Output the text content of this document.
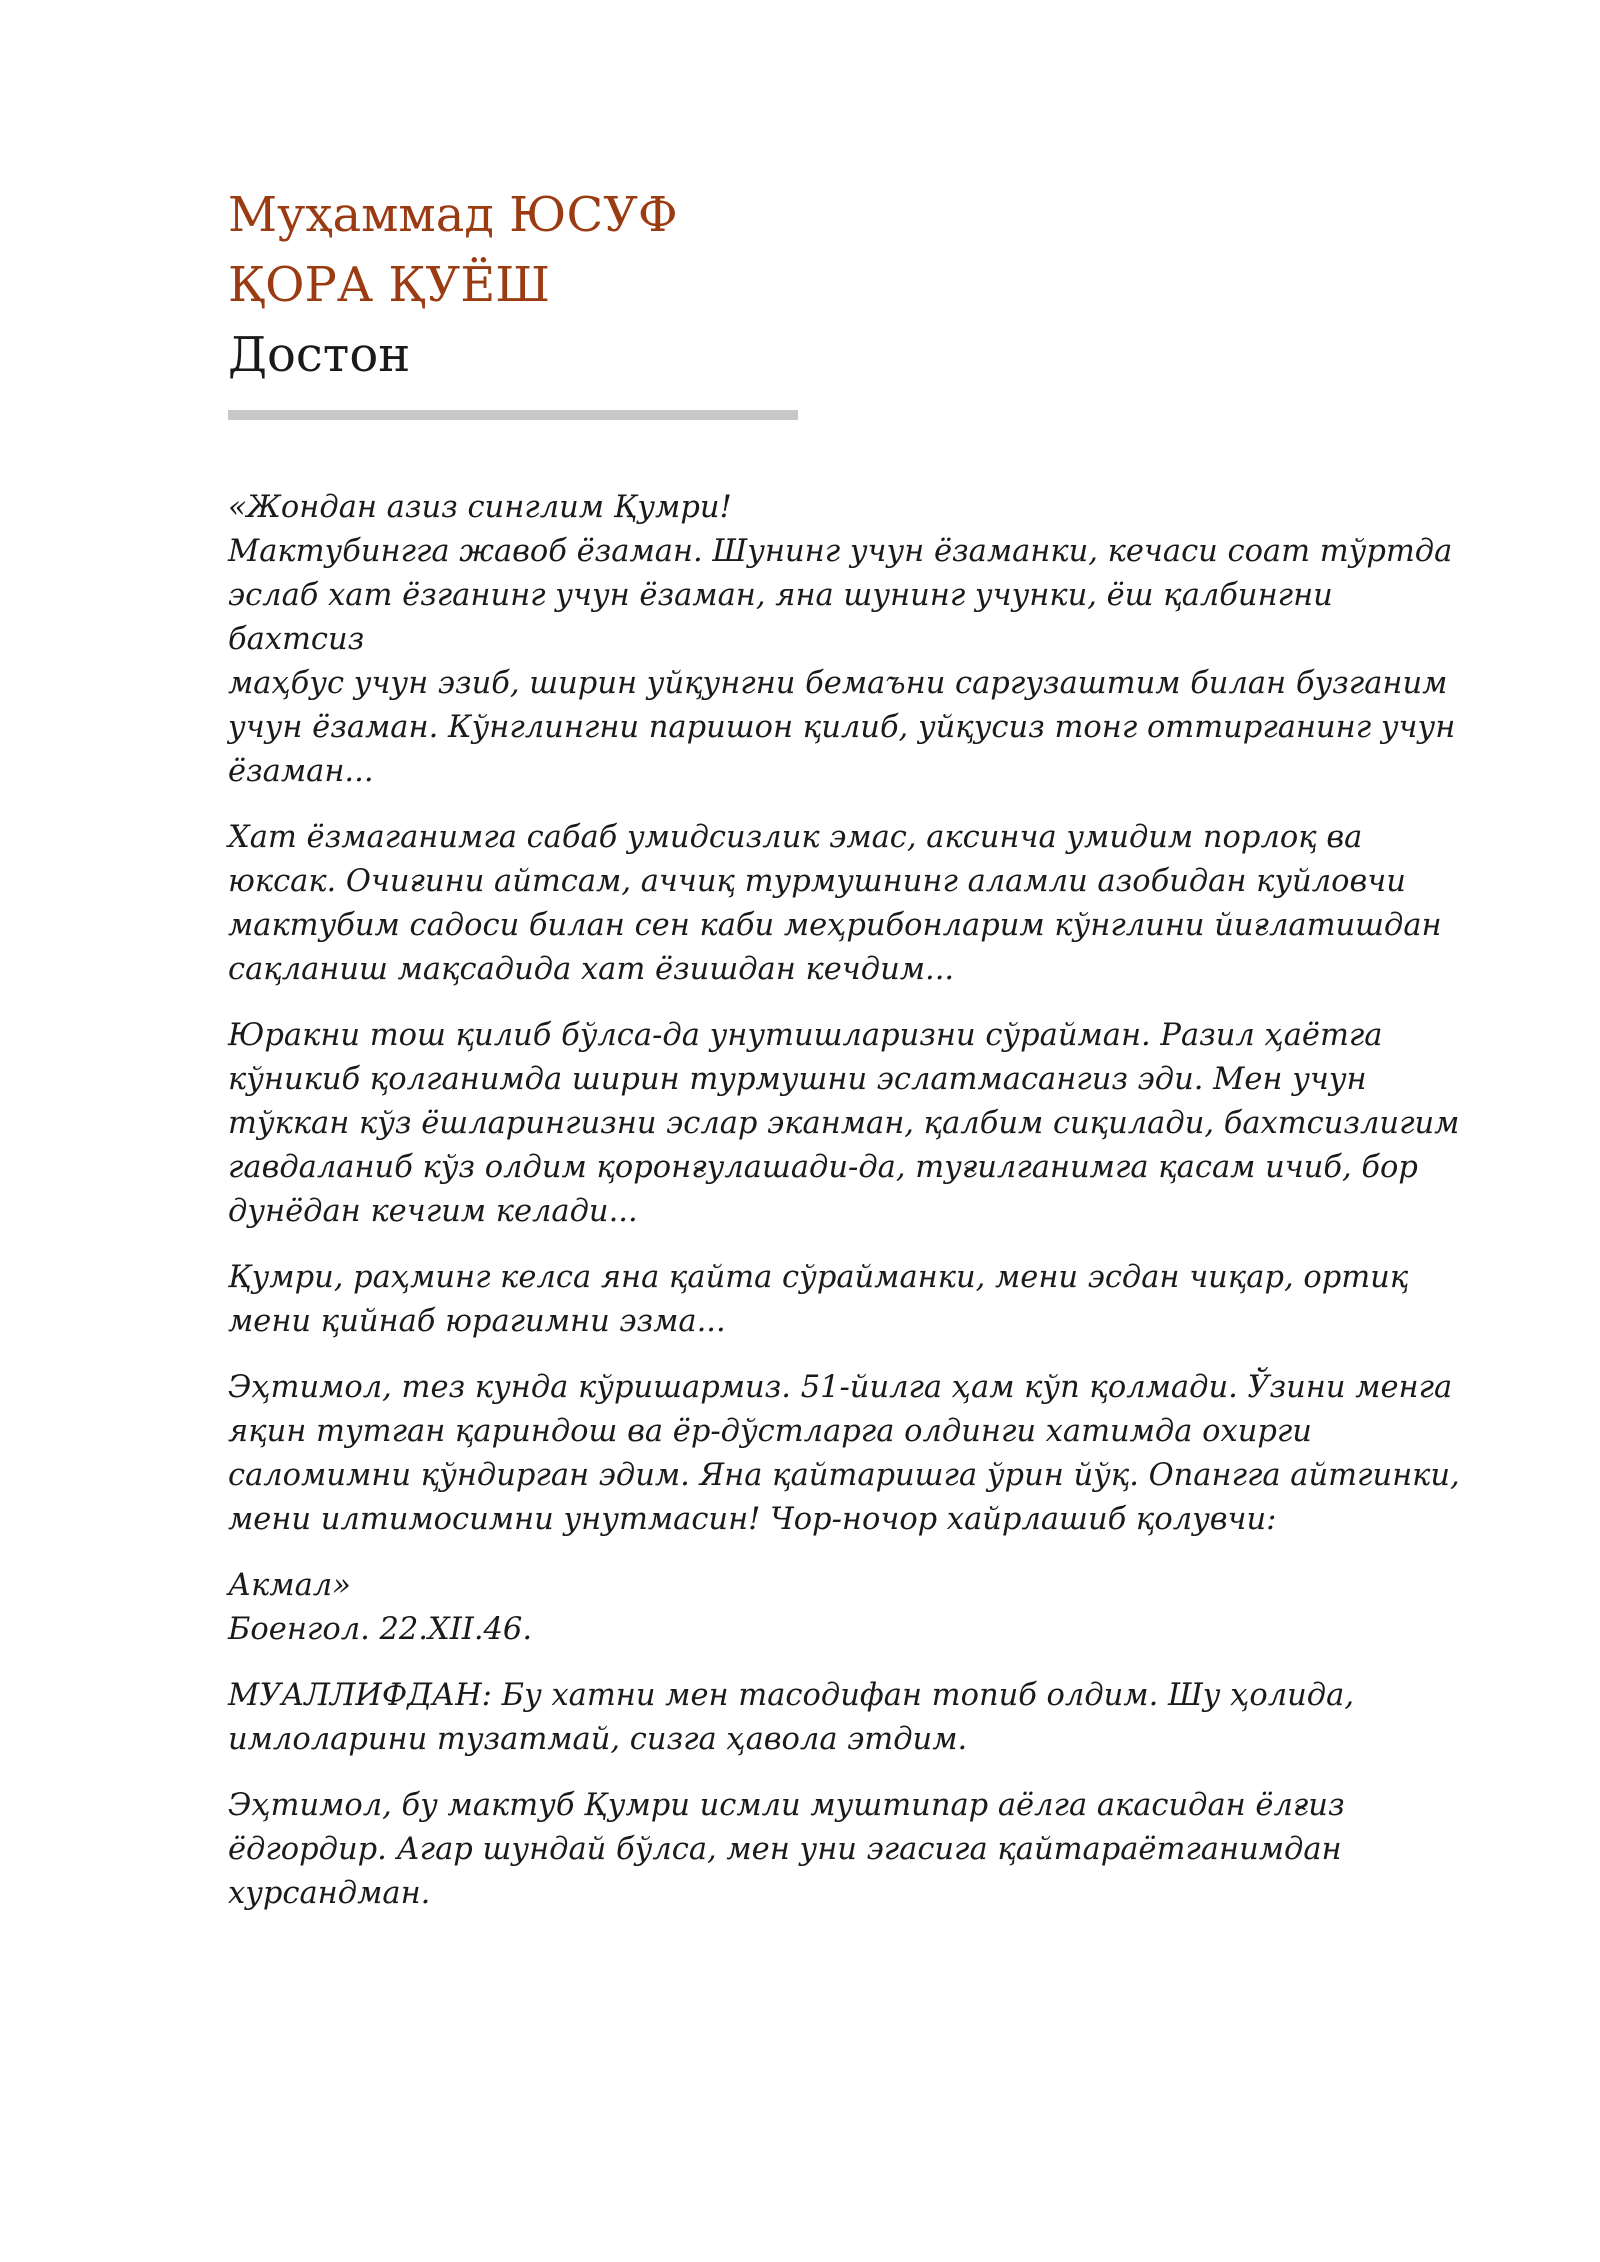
Муҳаммад ЮСУФ
ҚОРА ҚУЁШ
Достон

«Жондан азиз синглим Қумри!
Мактубингга жавоб ёзаман. Шунинг учун ёзаманки, кечаси соат тўртда
эслаб хат ёзганинг учун ёзаман, яна шунинг учунки, ёш қалбингни бахтсиз
маҳбус учун эзиб, ширин уйқунгни бемаъни саргузаштим билан бузганим
учун ёзаман. Кўнглингни паришон қилиб, уйқусиз тонг оттирганинг учун
ёзаман...

Хат ёзмаганимга сабаб умидсизлик эмас, аксинча умидим порлоқ ва
юксак. Очиғини айтсам, аччиқ турмушнинг аламли азобидан куйловчи
мактубим садоси билан сен каби меҳрибонларим кўнглини йиғлатишдан
сақланиш мақсадида хат ёзишдан кечдим...

Юракни тош қилиб бўлса-да унутишларизни сўрайман. Разил ҳаётга
кўникиб қолганимда ширин турмушни эслатмасангиз эди. Мен учун
тўккан кўз ёшларингизни эслар эканман, қалбим сиқилади, бахтсизлигим
гавдаланиб кўз олдим қоронғулашади-да, туғилганимга қасам ичиб, бор
дунёдан кечгим келади...

Қумри, раҳминг келса яна қайта сўрайманки, мени эсдан чиқар, ортиқ
мени қийнаб юрагимни эзма...

Эҳтимол, тез кунда кўришармиз. 51-йилга ҳам кўп қолмади. Ўзини менга
яқин тутган қариндош ва ёр-дўстларга олдинги хатимда охирги
саломимни қўндирган эдим. Яна қайтаришга ўрин йўқ. Опангга айтгинки,
мени илтимосимни унутмасин! Чор-ночор хайрлашиб қолувчи:

Акмал»
Боенгол. 22.XII.46.

МУАЛЛИФДАН: Бу хатни мен тасодифан топиб олдим. Шу ҳолида,
имлоларини тузатмай, сизга ҳавола этдим.

Эҳтимол, бу мактуб Қумри исмли муштипар аёлга акасидан ёлғиз
ёдгордир. Агар шундай бўлса, мен уни эгасига қайтараётганимдан
хурсандман.
